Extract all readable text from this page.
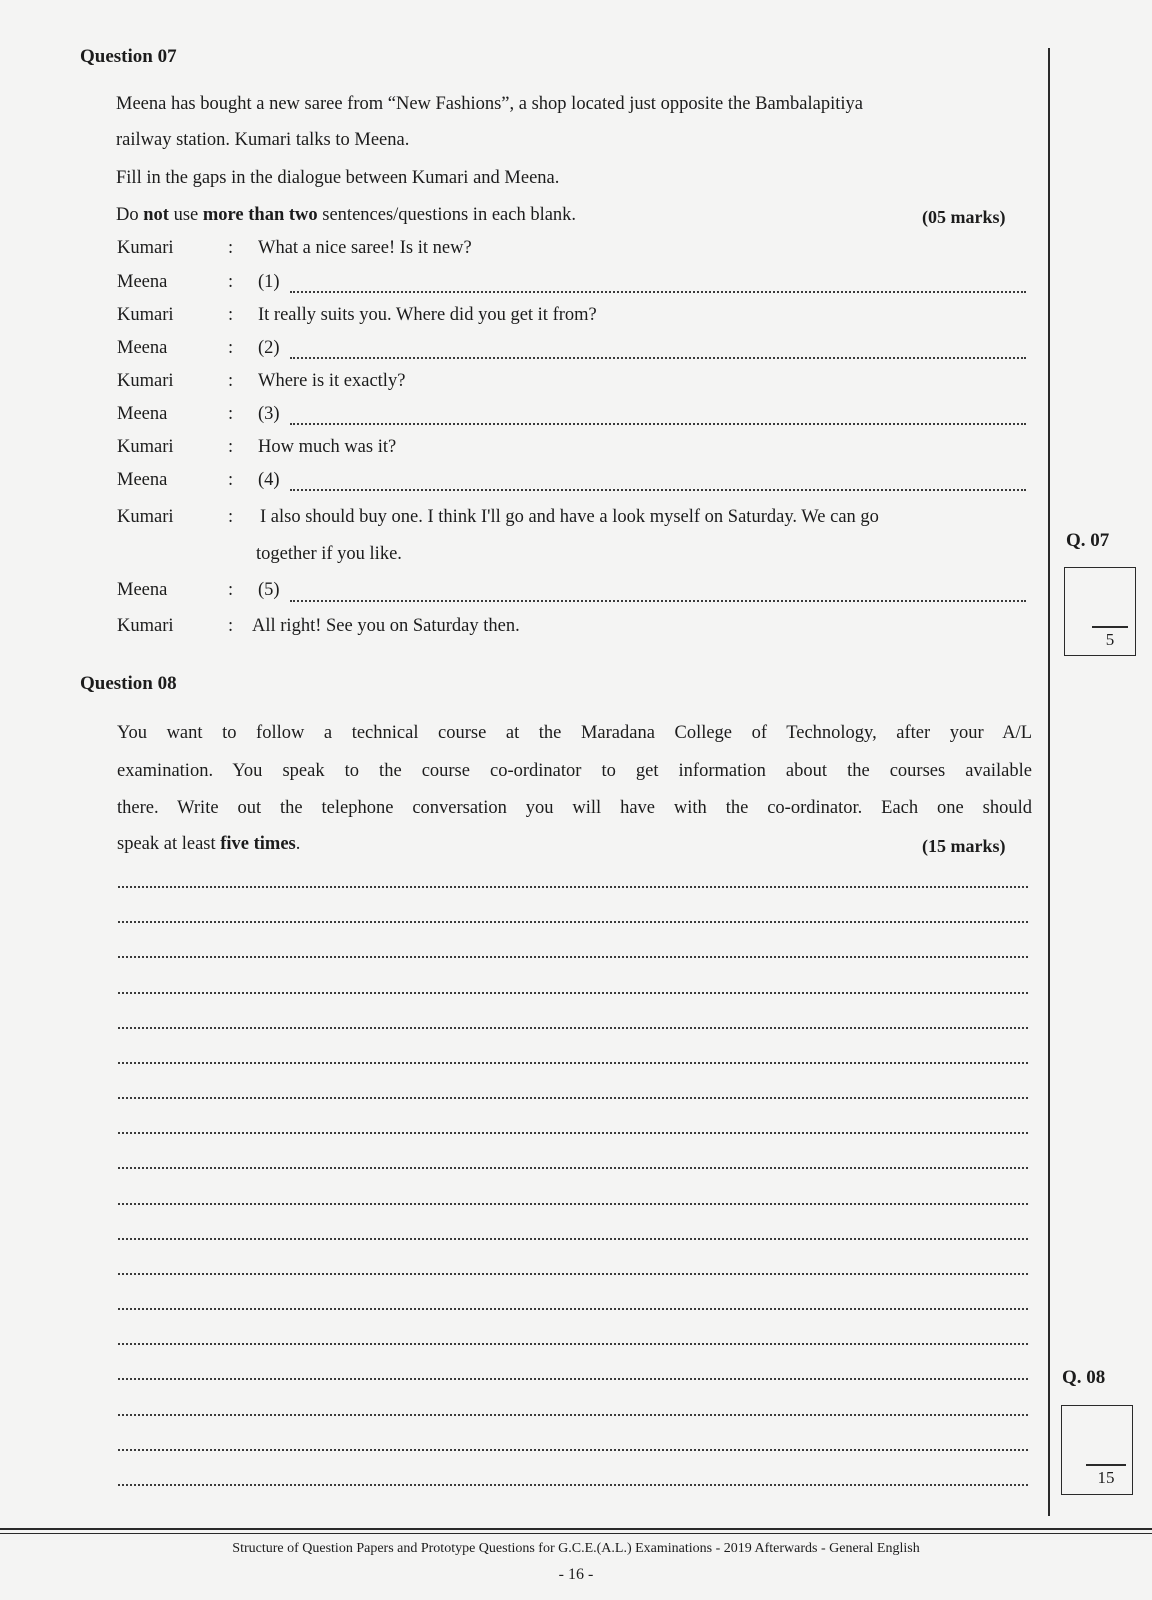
Question 07
Meena has bought a new saree from “New Fashions”, a shop located just opposite the Bambalapitiya
railway station. Kumari talks to Meena.
Fill in the gaps in the dialogue between Kumari and Meena.
Do not use more than two sentences/questions in each blank.	(05 marks)
Kumari	: What a nice saree! Is it new?
Meena	: (1)
Kumari	: It really suits you. Where did you get it from?
Meena	: (2)
Kumari	: Where is it exactly?
Meena	: (3)
Kumari	: How much was it?
Meena	: (4)
Kumari	: I also should buy one. I think I'll go and have a look myself on Saturday. We can go
together if you like.
Meena	: (5)
Kumari	: All right! See you on Saturday then.
Question 08
You want to follow a technical course at the Maradana College of Technology, after your A/L
examination. You speak to the course co-ordinator to get information about the courses available
there. Write out the telephone conversation you will have with the co-ordinator. Each one should
speak at least five times.	(15 marks)
Q. 07
5
Q. 08
15
Structure of Question Papers and Prototype Questions for G.C.E.(A.L.) Examinations - 2019 Afterwards - General English
- 16 -
